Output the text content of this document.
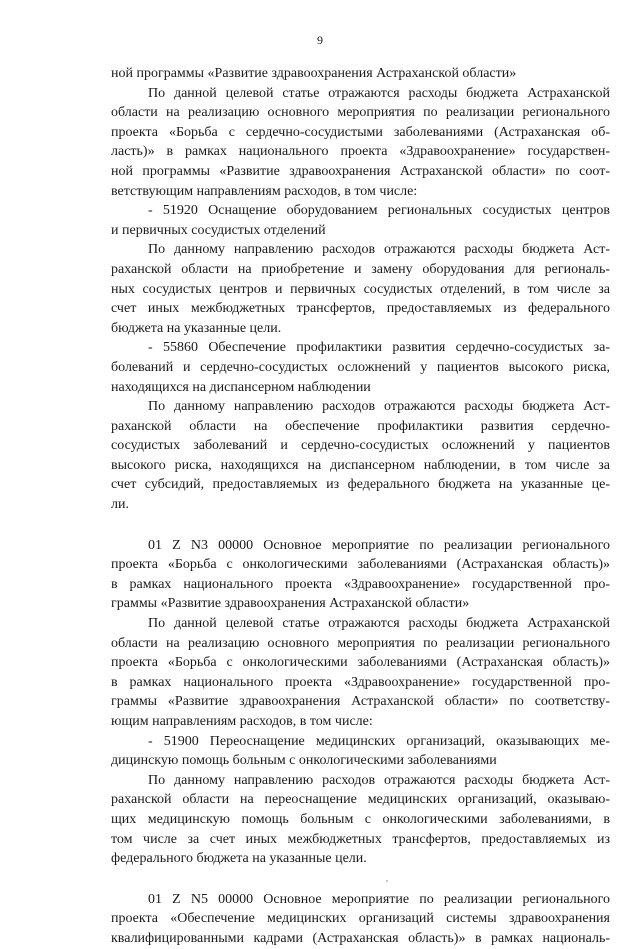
9
ной программы «Развитие здравоохранения Астраханской области»
По данной целевой статье отражаются расходы бюджета Астраханской
области на реализацию основного мероприятия по реализации регионального
проекта «Борьба с сердечно-сосудистыми заболеваниями (Астраханская об-
ласть)» в рамках национального проекта «Здравоохранение» государствен-
ной программы «Развитие здравоохранения Астраханской области» по соот-
ветствующим направлениям расходов, в том числе:
- 51920 Оснащение оборудованием региональных сосудистых центров
и первичных сосудистых отделений
По данному направлению расходов отражаются расходы бюджета Аст-
раханской области на приобретение и замену оборудования для региональ-
ных сосудистых центров и первичных сосудистых отделений, в том числе за
счет иных межбюджетных трансфертов, предоставляемых из федерального
бюджета на указанные цели.
- 55860 Обеспечение профилактики развития сердечно-сосудистых за-
болеваний и сердечно-сосудистых осложнений у пациентов высокого риска,
находящихся на диспансерном наблюдении
По данному направлению расходов отражаются расходы бюджета Аст-
раханской области на обеспечение профилактики развития сердечно-
сосудистых заболеваний и сердечно-сосудистых осложнений у пациентов
высокого риска, находящихся на диспансерном наблюдении, в том числе за
счет субсидий, предоставляемых из федерального бюджета на указанные це-
ли.
01 Z N3 00000 Основное мероприятие по реализации регионального
проекта «Борьба с онкологическими заболеваниями (Астраханская область)»
в рамках национального проекта «Здравоохранение» государственной про-
граммы «Развитие здравоохранения Астраханской области»
По данной целевой статье отражаются расходы бюджета Астраханской
области на реализацию основного мероприятия по реализации регионального
проекта «Борьба с онкологическими заболеваниями (Астраханская область)»
в рамках национального проекта «Здравоохранение» государственной про-
граммы «Развитие здравоохранения Астраханской области» по соответству-
ющим направлениям расходов, в том числе:
- 51900 Переоснащение медицинских организаций, оказывающих ме-
дицинскую помощь больным с онкологическими заболеваниями
По данному направлению расходов отражаются расходы бюджета Аст-
раханской области на переоснащение медицинских организаций, оказываю-
щих медицинскую помощь больным с онкологическими заболеваниями, в
том числе за счет иных межбюджетных трансфертов, предоставляемых из
федерального бюджета на указанные цели.
01 Z N5 00000 Основное мероприятие по реализации регионального
проекта «Обеспечение медицинских организаций системы здравоохранения
квалифицированными кадрами (Астраханская область)» в рамках националь-
